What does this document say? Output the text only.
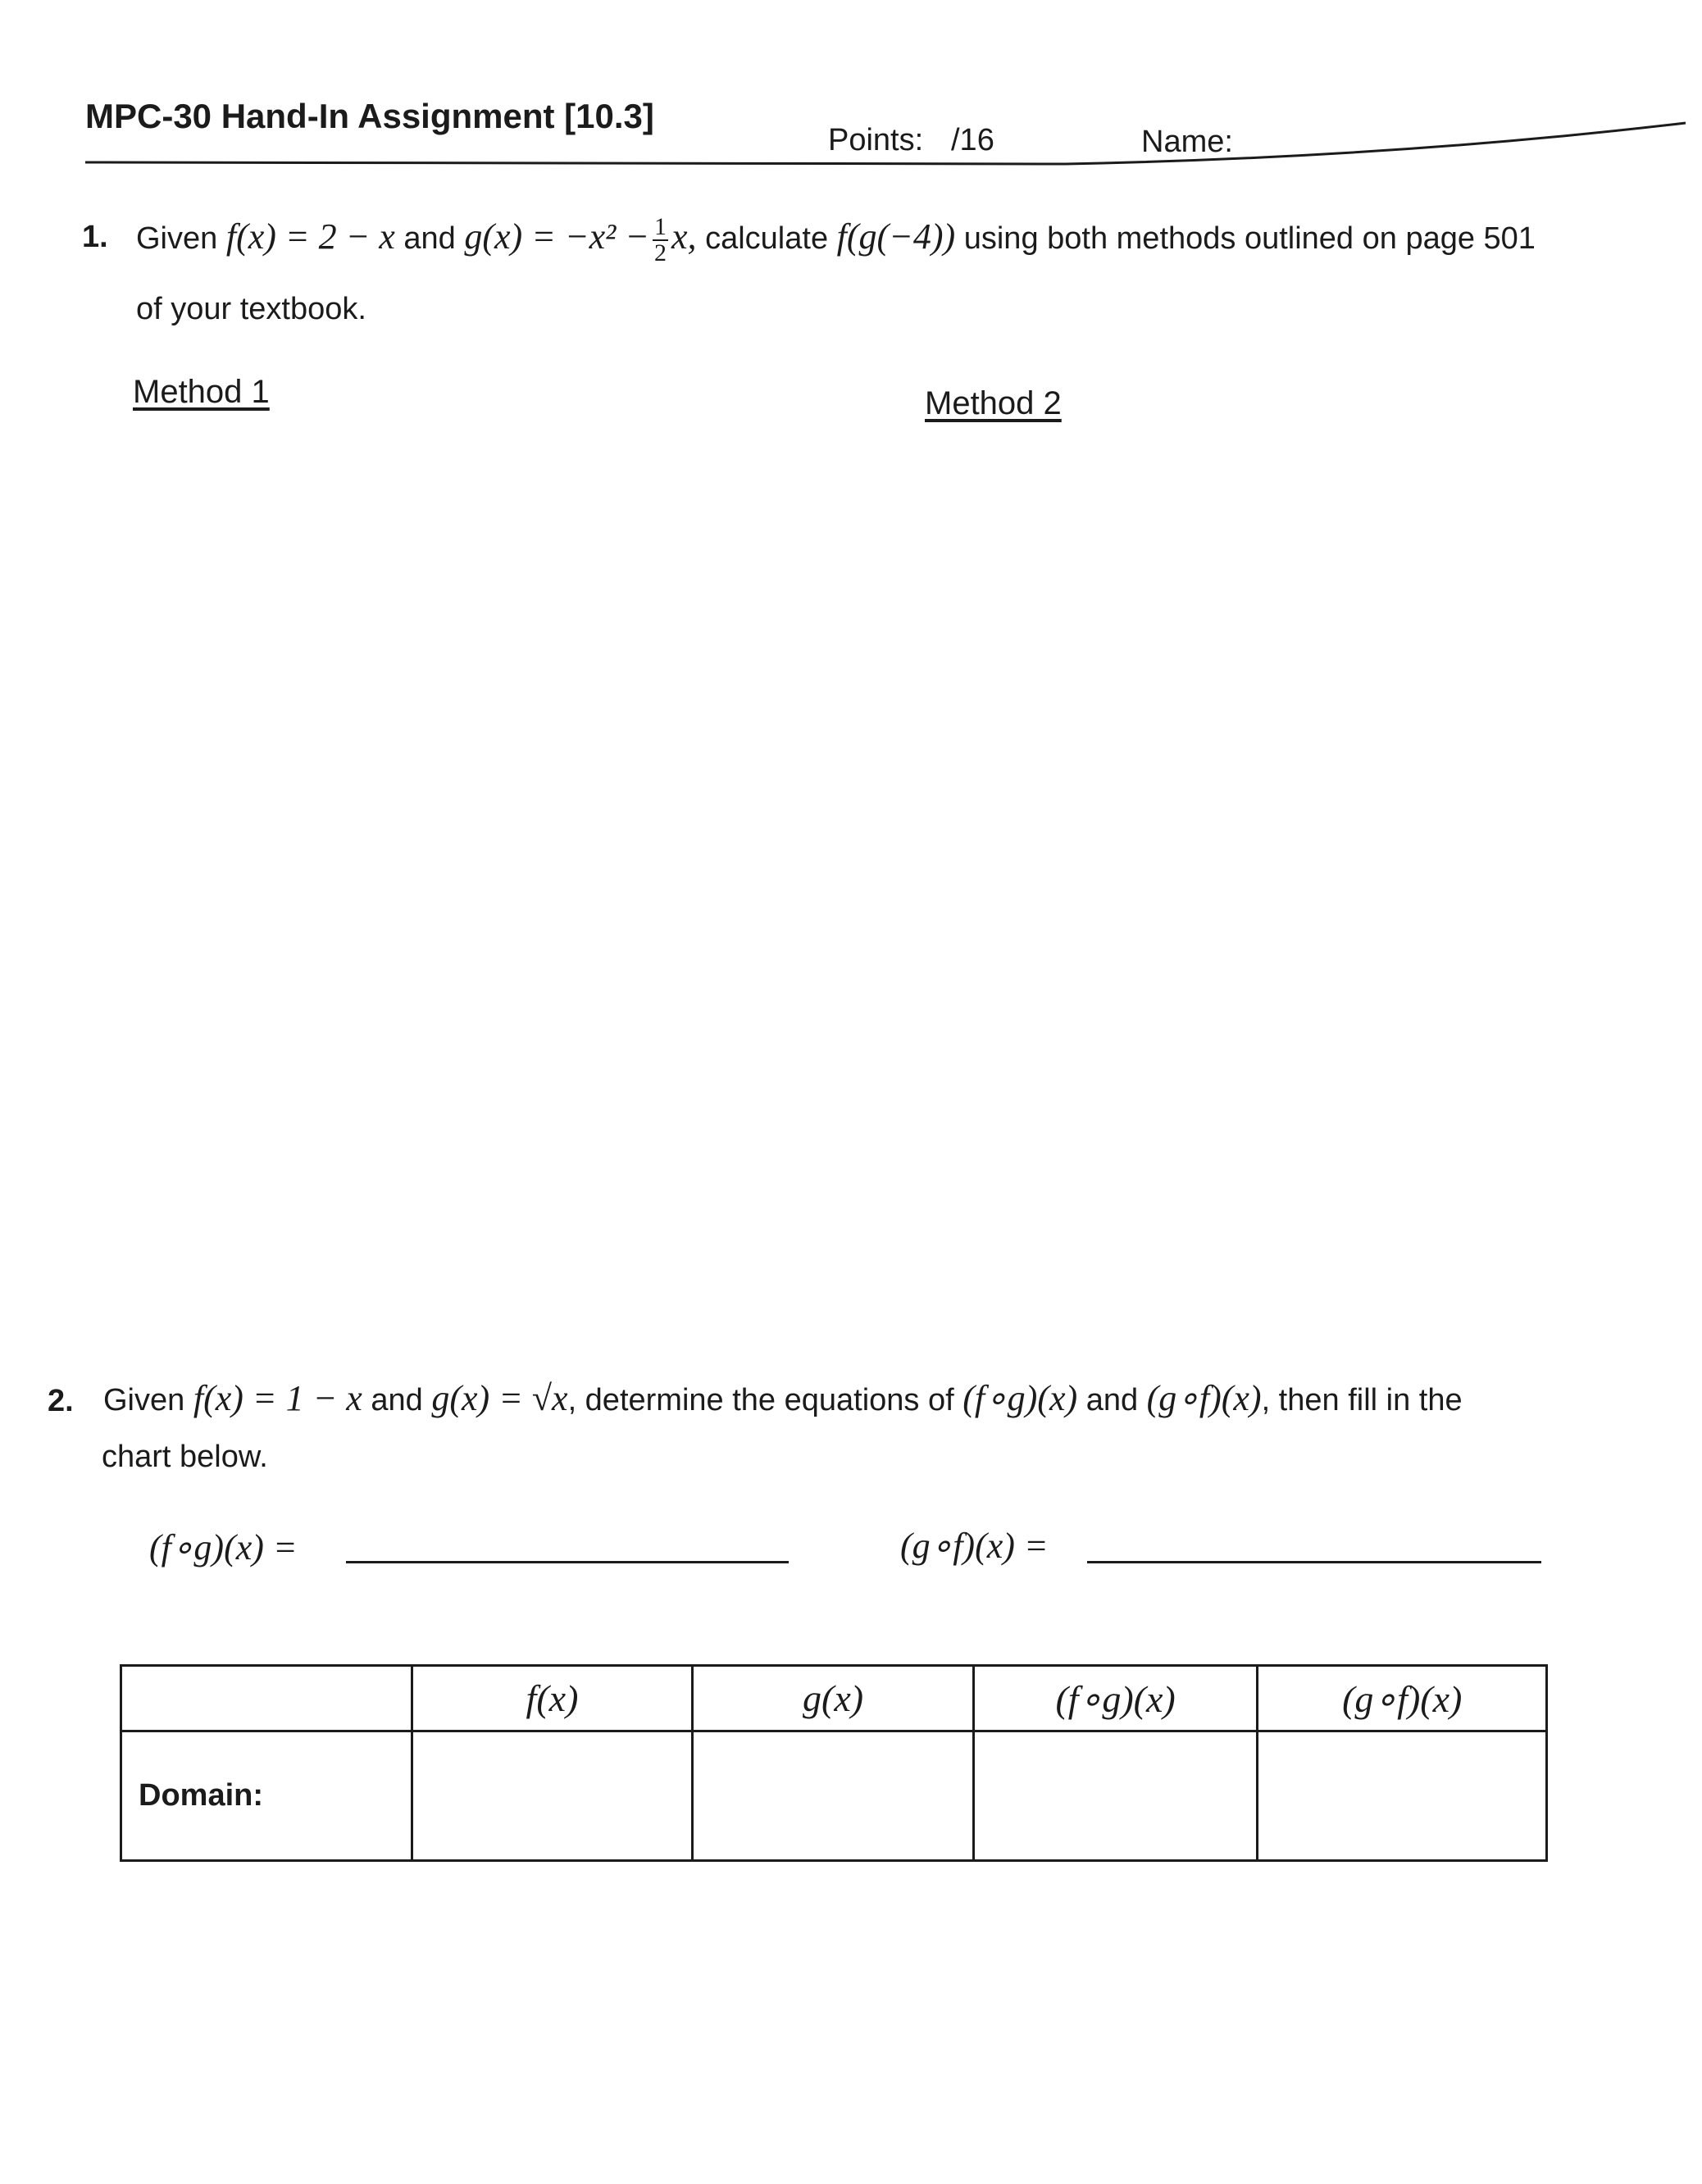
MPC-30 Hand-In Assignment [10.3]
Points: /16	Name:
1. Given f(x) = 2 − x and $g(x) = -x^2 - \frac{1}{2} x$, calculate f(g(−4)) using both methods outlined on page 501
of your textbook.
Method 1	Method 2
2. Given f(x) = 1 − x and g(x) = √x, determine the equations of (f∘g)(x) and (g∘f)(x), then fill in the
chart below.
(f∘g)(x) =	(g∘f)(x) =
	f(x)	g(x)	(f∘g)(x)	(g∘f)(x)
Domain:				
